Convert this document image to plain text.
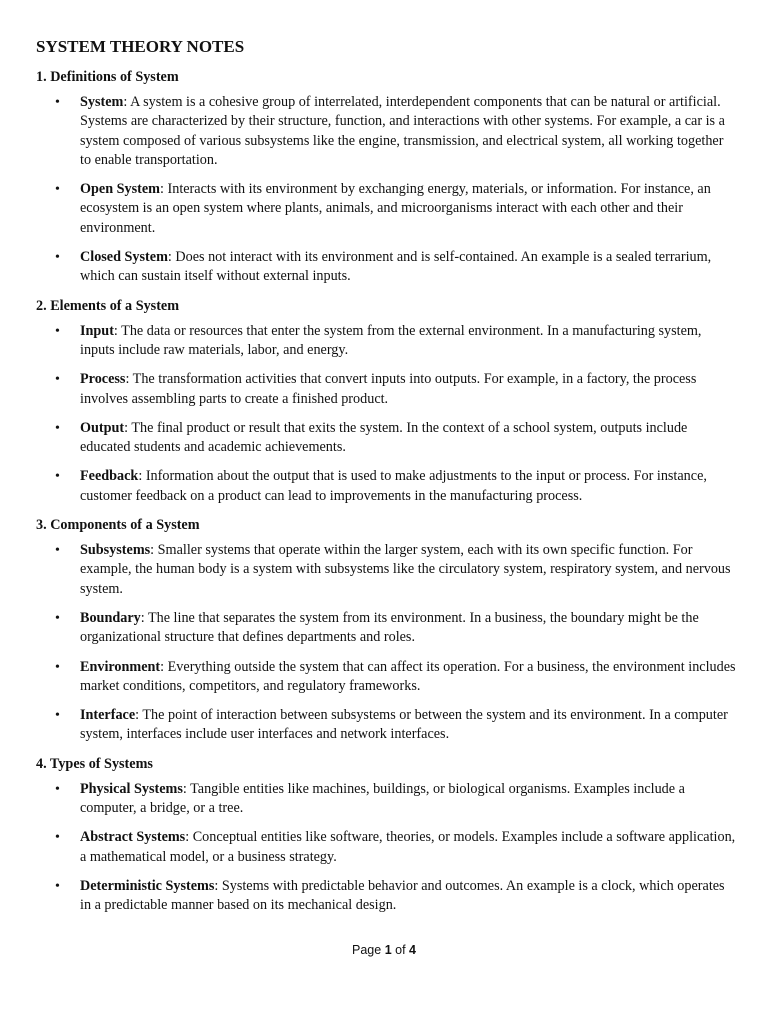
SYSTEM THEORY NOTES
1. Definitions of System
• System: A system is a cohesive group of interrelated, interdependent components that can be natural or artificial. Systems are characterized by their structure, function, and interactions with other systems. For example, a car is a system composed of various subsystems like the engine, transmission, and electrical system, all working together to enable transportation.
• Open System: Interacts with its environment by exchanging energy, materials, or information. For instance, an ecosystem is an open system where plants, animals, and microorganisms interact with each other and their environment.
• Closed System: Does not interact with its environment and is self-contained. An example is a sealed terrarium, which can sustain itself without external inputs.
2. Elements of a System
• Input: The data or resources that enter the system from the external environment. In a manufacturing system, inputs include raw materials, labor, and energy.
• Process: The transformation activities that convert inputs into outputs. For example, in a factory, the process involves assembling parts to create a finished product.
• Output: The final product or result that exits the system. In the context of a school system, outputs include educated students and academic achievements.
• Feedback: Information about the output that is used to make adjustments to the input or process. For instance, customer feedback on a product can lead to improvements in the manufacturing process.
3. Components of a System
• Subsystems: Smaller systems that operate within the larger system, each with its own specific function. For example, the human body is a system with subsystems like the circulatory system, respiratory system, and nervous system.
• Boundary: The line that separates the system from its environment. In a business, the boundary might be the organizational structure that defines departments and roles.
• Environment: Everything outside the system that can affect its operation. For a business, the environment includes market conditions, competitors, and regulatory frameworks.
• Interface: The point of interaction between subsystems or between the system and its environment. In a computer system, interfaces include user interfaces and network interfaces.
4. Types of Systems
• Physical Systems: Tangible entities like machines, buildings, or biological organisms. Examples include a computer, a bridge, or a tree.
• Abstract Systems: Conceptual entities like software, theories, or models. Examples include a software application, a mathematical model, or a business strategy.
• Deterministic Systems: Systems with predictable behavior and outcomes. An example is a clock, which operates in a predictable manner based on its mechanical design.
Page 1 of 4
